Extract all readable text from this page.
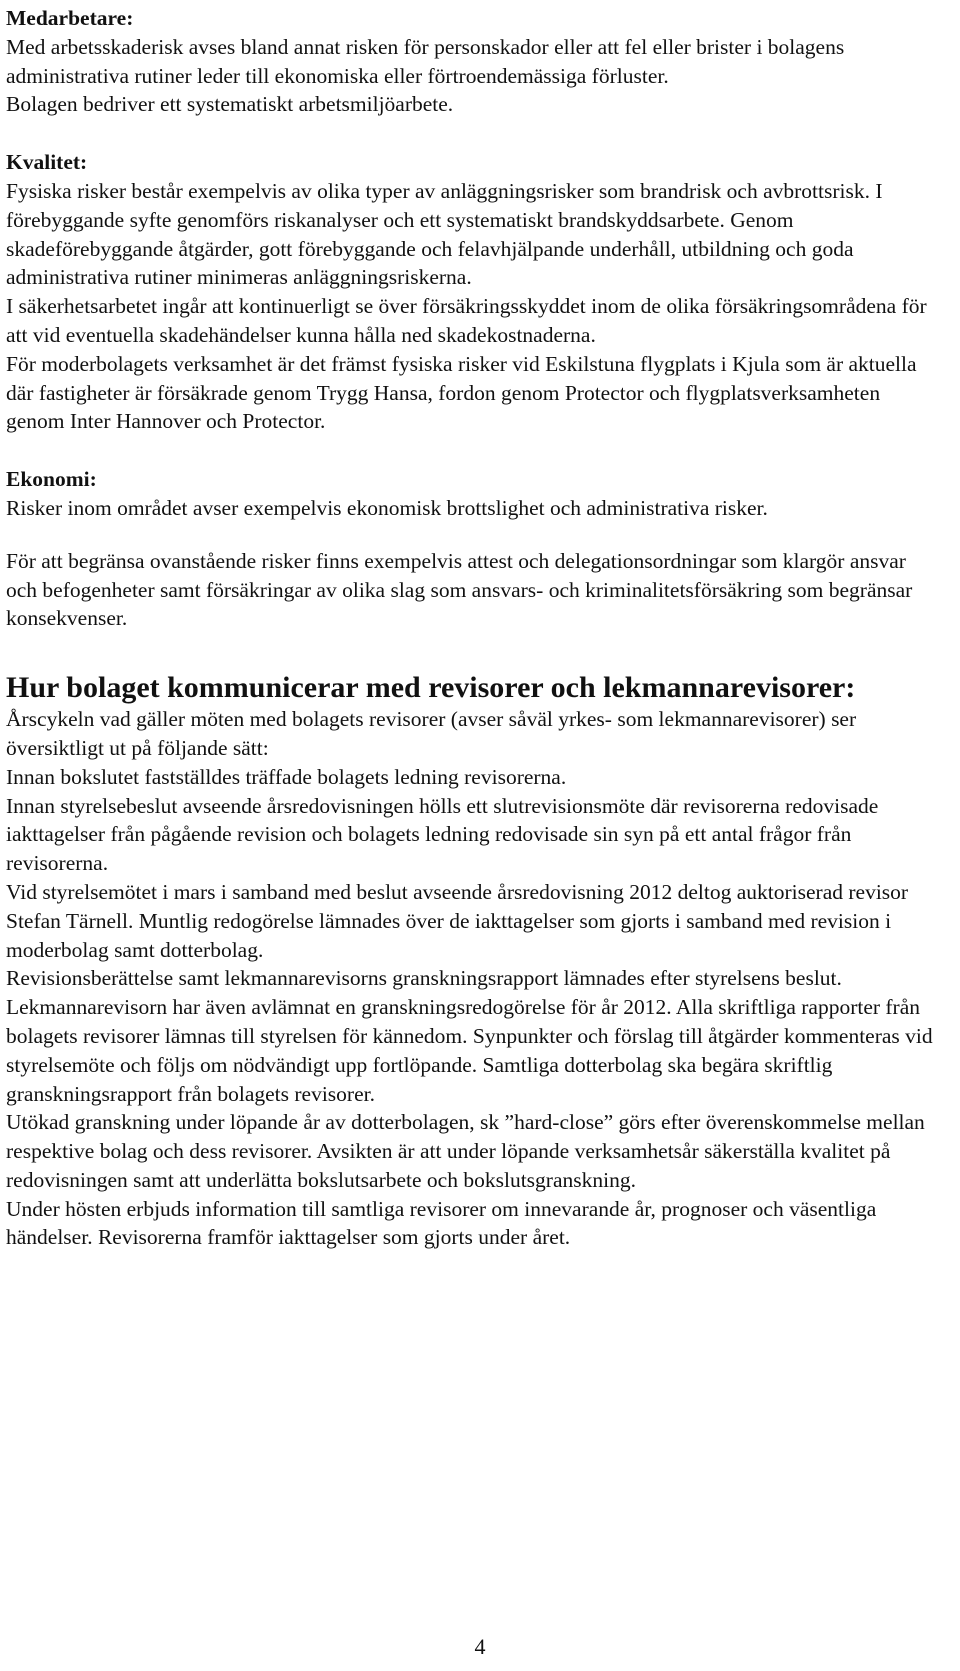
Medarbetare:

Med arbetsskaderisk avses bland annat risken för personskador eller att fel eller brister i bolagens administrativa rutiner leder till ekonomiska eller förtroendemässiga förluster.

Bolagen bedriver ett systematiskt arbetsmiljöarbete.

Kvalitet:

Fysiska risker består exempelvis av olika typer av anläggningsrisker som brandrisk och avbrottsrisk. I förebyggande syfte genomförs riskanalyser och ett systematiskt brandskyddsarbete. Genom skadeförebyggande åtgärder, gott förebyggande och felavhjälpande underhåll, utbildning och goda administrativa rutiner minimeras anläggningsriskerna.

I säkerhetsarbetet ingår att kontinuerligt se över försäkringsskyddet inom de olika försäkringsområdena för att vid eventuella skadehändelser kunna hålla ned skadekostnaderna.

För moderbolagets verksamhet är det främst fysiska risker vid Eskilstuna flygplats i Kjula som är aktuella där fastigheter är försäkrade genom Trygg Hansa, fordon genom Protector och flygplatsverksamheten genom Inter Hannover och Protector.

Ekonomi:

Risker inom området avser exempelvis ekonomisk brottslighet och administrativa risker.

För att begränsa ovanstående risker finns exempelvis attest och delegationsordningar som klargör ansvar och befogenheter samt försäkringar av olika slag som ansvars- och kriminalitetsförsäkring som begränsar konsekvenser.

Hur bolaget kommunicerar med revisorer och lekmannarevisorer:

Årscykeln vad gäller möten med bolagets revisorer (avser såväl yrkes- som lekmannarevisorer) ser översiktligt ut på följande sätt:

Innan bokslutet fastställdes träffade bolagets ledning revisorerna.

Innan styrelsebeslut avseende årsredovisningen hölls ett slutrevisionsmöte där revisorerna redovisade iakttagelser från pågående revision och bolagets ledning redovisade sin syn på ett antal frågor från revisorerna.

Vid styrelsemötet i mars i samband med beslut avseende årsredovisning 2012 deltog auktoriserad revisor Stefan Tärnell. Muntlig redogörelse lämnades över de iakttagelser som gjorts i samband med revision i moderbolag samt dotterbolag.

Revisionsberättelse samt lekmannarevisorns granskningsrapport lämnades efter styrelsens beslut. Lekmannarevisorn har även avlämnat en granskningsredogörelse för år 2012. Alla skriftliga rapporter från bolagets revisorer lämnas till styrelsen för kännedom. Synpunkter och förslag till åtgärder kommenteras vid styrelsemöte och följs om nödvändigt upp fortlöpande. Samtliga dotterbolag ska begära skriftlig granskningsrapport från bolagets revisorer.

Utökad granskning under löpande år av dotterbolagen, sk ”hard-close” görs efter överenskommelse mellan respektive bolag och dess revisorer. Avsikten är att under löpande verksamhetsår säkerställa kvalitet på redovisningen samt att underlätta bokslutsarbete och bokslutsgranskning.

Under hösten erbjuds information till samtliga revisorer om innevarande år, prognoser och väsentliga händelser. Revisorerna framför iakttagelser som gjorts under året.

4
